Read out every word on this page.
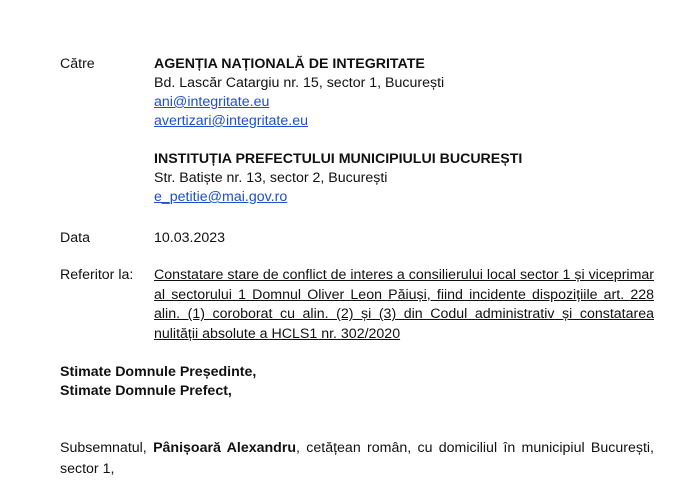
Către	AGENȚIA NAȚIONALĂ DE INTEGRITATE
Bd. Lascăr Catargiu nr. 15, sector 1, București
ani@integritate.eu
avertizari@integritate.eu
INSTITUȚIA PREFECTULUI MUNICIPIULUI BUCUREȘTI
Str. Batiște nr. 13, sector 2, București
e_petitie@mai.gov.ro
Data	10.03.2023
Referitor la: Constatare stare de conflict de interes a consilierului local sector 1 și viceprimar al sectorului 1 Domnul Oliver Leon Păiuși, fiind incidente dispozițiile art. 228 alin. (1) coroborat cu alin. (2) și (3) din Codul administrativ și constatarea nulității absolute a HCLS1 nr. 302/2020
Stimate Domnule Președinte,
Stimate Domnule Prefect,
Subsemnatul, Pânișoară Alexandru, cetățean român, cu domiciliul în municipiul București, sector 1,
